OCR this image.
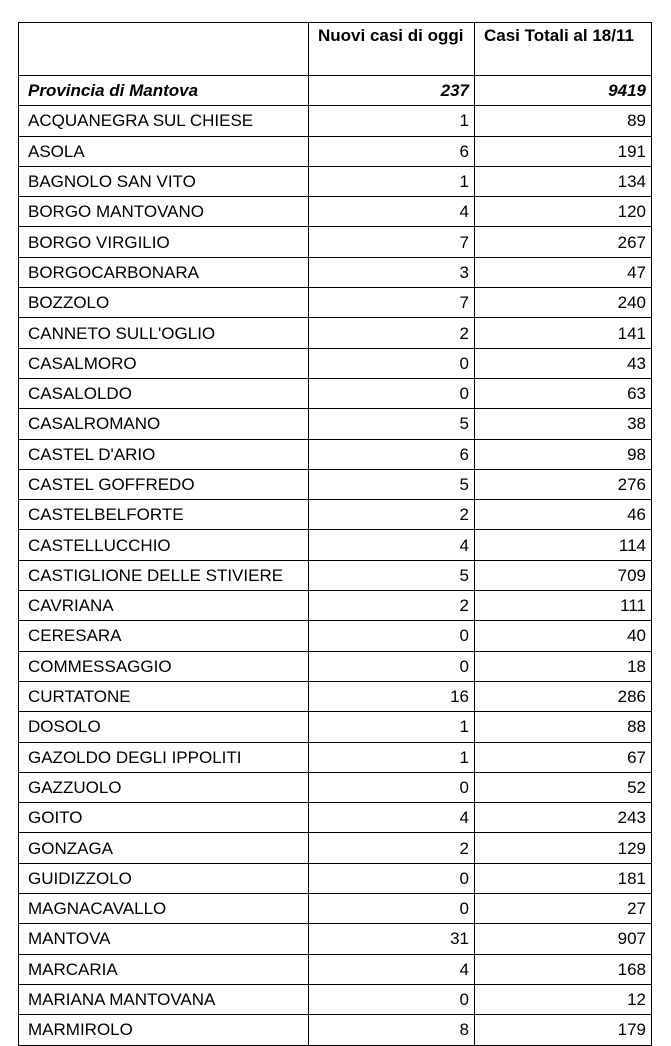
	Nuovi casi di oggi	Casi Totali al 18/11
Provincia di Mantova	237	9419
ACQUANEGRA SUL CHIESE	1	89
ASOLA	6	191
BAGNOLO SAN VITO	1	134
BORGO MANTOVANO	4	120
BORGO VIRGILIO	7	267
BORGOCARBONARA	3	47
BOZZOLO	7	240
CANNETO SULL'OGLIO	2	141
CASALMORO	0	43
CASALOLDO	0	63
CASALROMANO	5	38
CASTEL D'ARIO	6	98
CASTEL GOFFREDO	5	276
CASTELBELFORTE	2	46
CASTELLUCCHIO	4	114
CASTIGLIONE DELLE STIVIERE	5	709
CAVRIANA	2	111
CERESARA	0	40
COMMESSAGGIO	0	18
CURTATONE	16	286
DOSOLO	1	88
GAZOLDO DEGLI IPPOLITI	1	67
GAZZUOLO	0	52
GOITO	4	243
GONZAGA	2	129
GUIDIZZOLO	0	181
MAGNACAVALLO	0	27
MANTOVA	31	907
MARCARIA	4	168
MARIANA MANTOVANA	0	12
MARMIROLO	8	179
